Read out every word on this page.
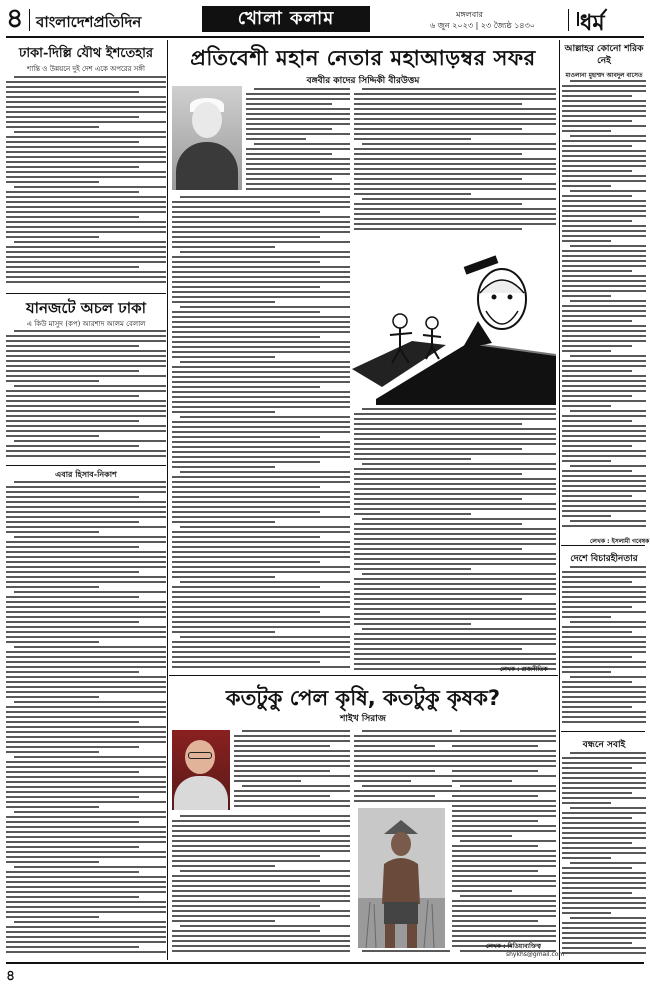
৪ বাংলাদেশপ্রতিদিন	খোলা কলাম	মঙ্গলবার
৬ জুন ২০২৩ | ২৩ জ্যৈষ্ঠ ১৪৩০ ধর্ম
ঢাকা-দিল্লি যৌথ ইশতেহার
শান্তি ও উন্নয়নে দুই দেশ একে অপরের সঙ্গী
যানজটে অচল ঢাকা
এ কিউ মাসুদ (কপ) আরশাদ আলম বেলাল
এবার হিসাব-নিকাশ
প্রতিবেশী মহান নেতার মহাআড়ম্বর সফর
বঙ্গবীর কাদের সিদ্দিকী বীরউত্তম
লেখক : রাজনীতিক
আল্লাহর কোনো শরিক নেই
মাওলানা মুহাম্মদ আবদুল বাসেত
লেখক : ইসলামী গবেষক
দেশে বিচারহীনতার
বন্ধনে সবাই
কতটুকু পেল কৃষি, কতটুকু কৃষক?
শাইখ সিরাজ
লেখক : মিডিয়াব্যক্তিত্ব
shykhs@gmail.com
৪
